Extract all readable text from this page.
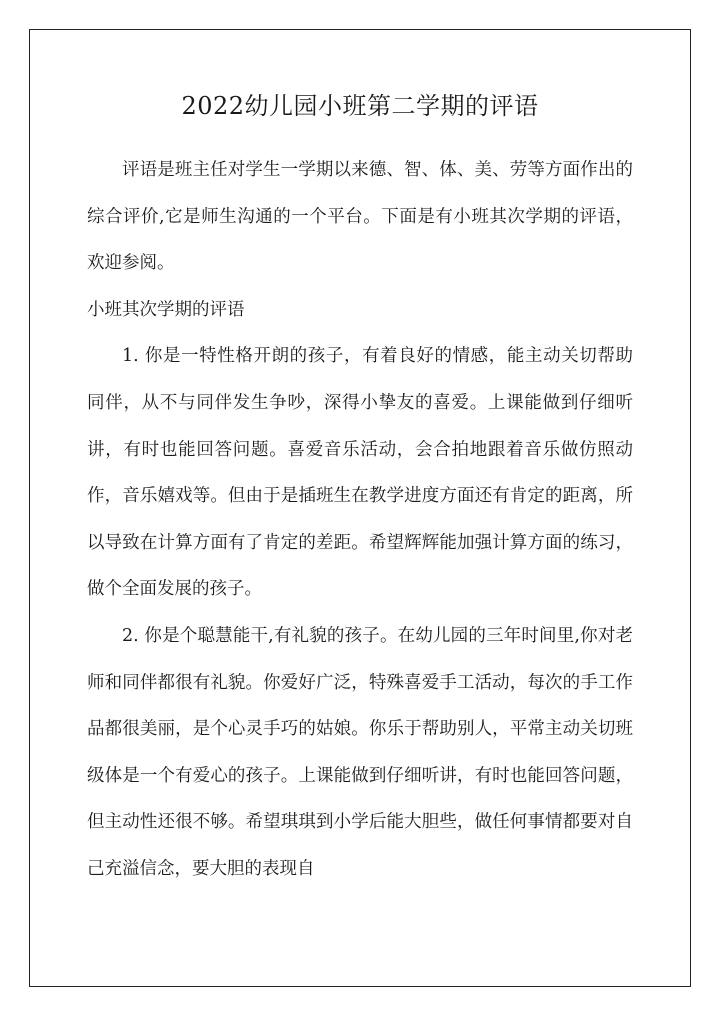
2022幼儿园小班第二学期的评语

评语是班主任对学生一学期以来德、智、体、美、劳等方面作出的综合评价,它是师生沟通的一个平台。下面是有小班其次学期的评语，欢迎参阅。

小班其次学期的评语

1. 你是一特性格开朗的孩子，有着良好的情感，能主动关切帮助同伴，从不与同伴发生争吵，深得小挚友的喜爱。上课能做到仔细听讲，有时也能回答问题。喜爱音乐活动，会合拍地跟着音乐做仿照动作，音乐嬉戏等。但由于是插班生在教学进度方面还有肯定的距离，所以导致在计算方面有了肯定的差距。希望辉辉能加强计算方面的练习，做个全面发展的孩子。

2. 你是个聪慧能干,有礼貌的孩子。在幼儿园的三年时间里,你对老师和同伴都很有礼貌。你爱好广泛，特殊喜爱手工活动，每次的手工作品都很美丽，是个心灵手巧的姑娘。你乐于帮助别人，平常主动关切班级体是一个有爱心的孩子。上课能做到仔细听讲，有时也能回答问题，但主动性还很不够。希望琪琪到小学后能大胆些，做任何事情都要对自己充溢信念，要大胆的表现自
